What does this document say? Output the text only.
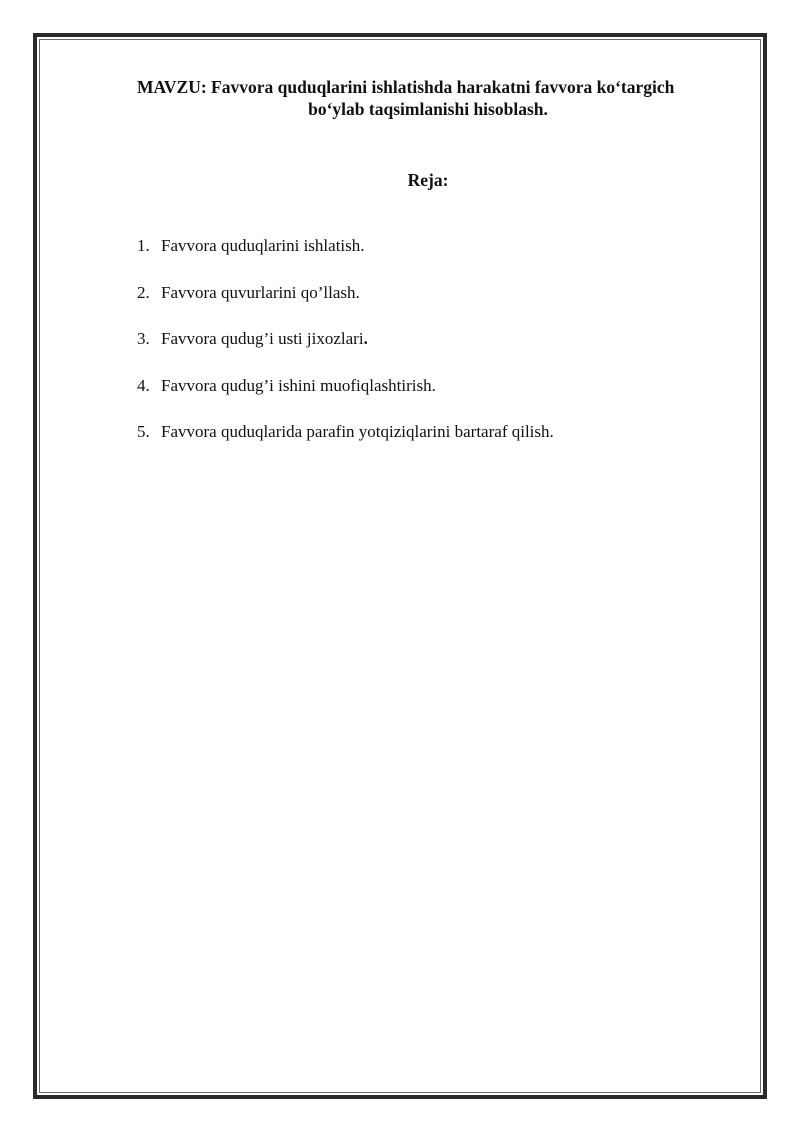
MAVZU: Favvora quduqlarini ishlatishda harakatni favvora ko‘targich
bo‘ylab taqsimlanishi hisoblash.
Reja:
1. Favvora quduqlarini ishlatish.
2. Favvora quvurlarini qo’llash.
3. Favvora qudug’i usti jixozlari.
4. Favvora qudug’i ishini muofiqlashtirish.
5. Favvora quduqlarida parafin yotqiziqlarini bartaraf qilish.
